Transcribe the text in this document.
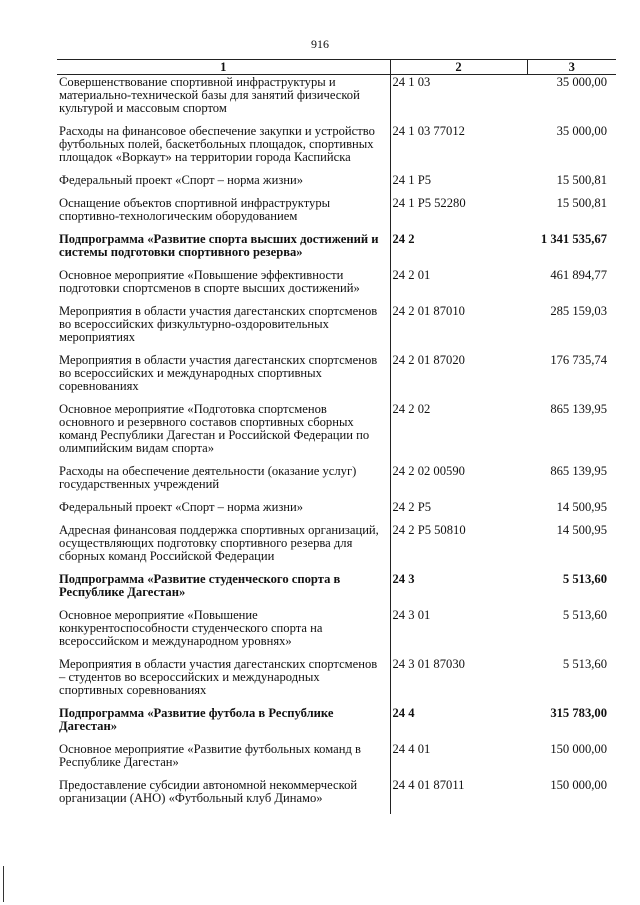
916
1	2	3
Совершенствование спортивной инфраструктуры и материально-технической базы для занятий физической культурой и массовым спортом	24 1 03	35 000,00
Расходы на финансовое обеспечение закупки и устройство футбольных полей, баскетбольных площадок, спортивных площадок «Воркаут» на территории города Каспийска	24 1 03 77012	35 000,00
Федеральный проект «Спорт – норма жизни»	24 1 P5	15 500,81
Оснащение объектов спортивной инфраструктуры спортивно-технологическим оборудованием	24 1 P5 52280	15 500,81
Подпрограмма «Развитие спорта высших достижений и системы подготовки спортивного резерва»	24 2	1 341 535,67
Основное мероприятие «Повышение эффективности подготовки спортсменов в спорте высших достижений»	24 2 01	461 894,77
Мероприятия в области участия дагестанских спортсменов во всероссийских физкультурно-оздоровительных мероприятиях	24 2 01 87010	285 159,03
Мероприятия в области участия дагестанских спортсменов во всероссийских и международных спортивных соревнованиях	24 2 01 87020	176 735,74
Основное мероприятие «Подготовка спортсменов основного и резервного составов спортивных сборных команд Республики Дагестан и Российской Федерации по олимпийским видам спорта»	24 2 02	865 139,95
Расходы на обеспечение деятельности (оказание услуг) государственных учреждений	24 2 02 00590	865 139,95
Федеральный проект «Спорт – норма жизни»	24 2 P5	14 500,95
Адресная финансовая поддержка спортивных организаций, осуществляющих подготовку спортивного резерва для сборных команд Российской Федерации	24 2 P5 50810	14 500,95
Подпрограмма «Развитие студенческого спорта в Республике Дагестан»	24 3	5 513,60
Основное мероприятие «Повышение конкурентоспособности студенческого спорта на всероссийском и международном уровнях»	24 3 01	5 513,60
Мероприятия в области участия дагестанских спортсменов – студентов во всероссийских и международных спортивных соревнованиях	24 3 01 87030	5 513,60
Подпрограмма «Развитие футбола в Республике Дагестан»	24 4	315 783,00
Основное мероприятие «Развитие футбольных команд в Республике Дагестан»	24 4 01	150 000,00
Предоставление субсидии автономной некоммерческой организации (АНО) «Футбольный клуб Динамо»	24 4 01 87011	150 000,00
